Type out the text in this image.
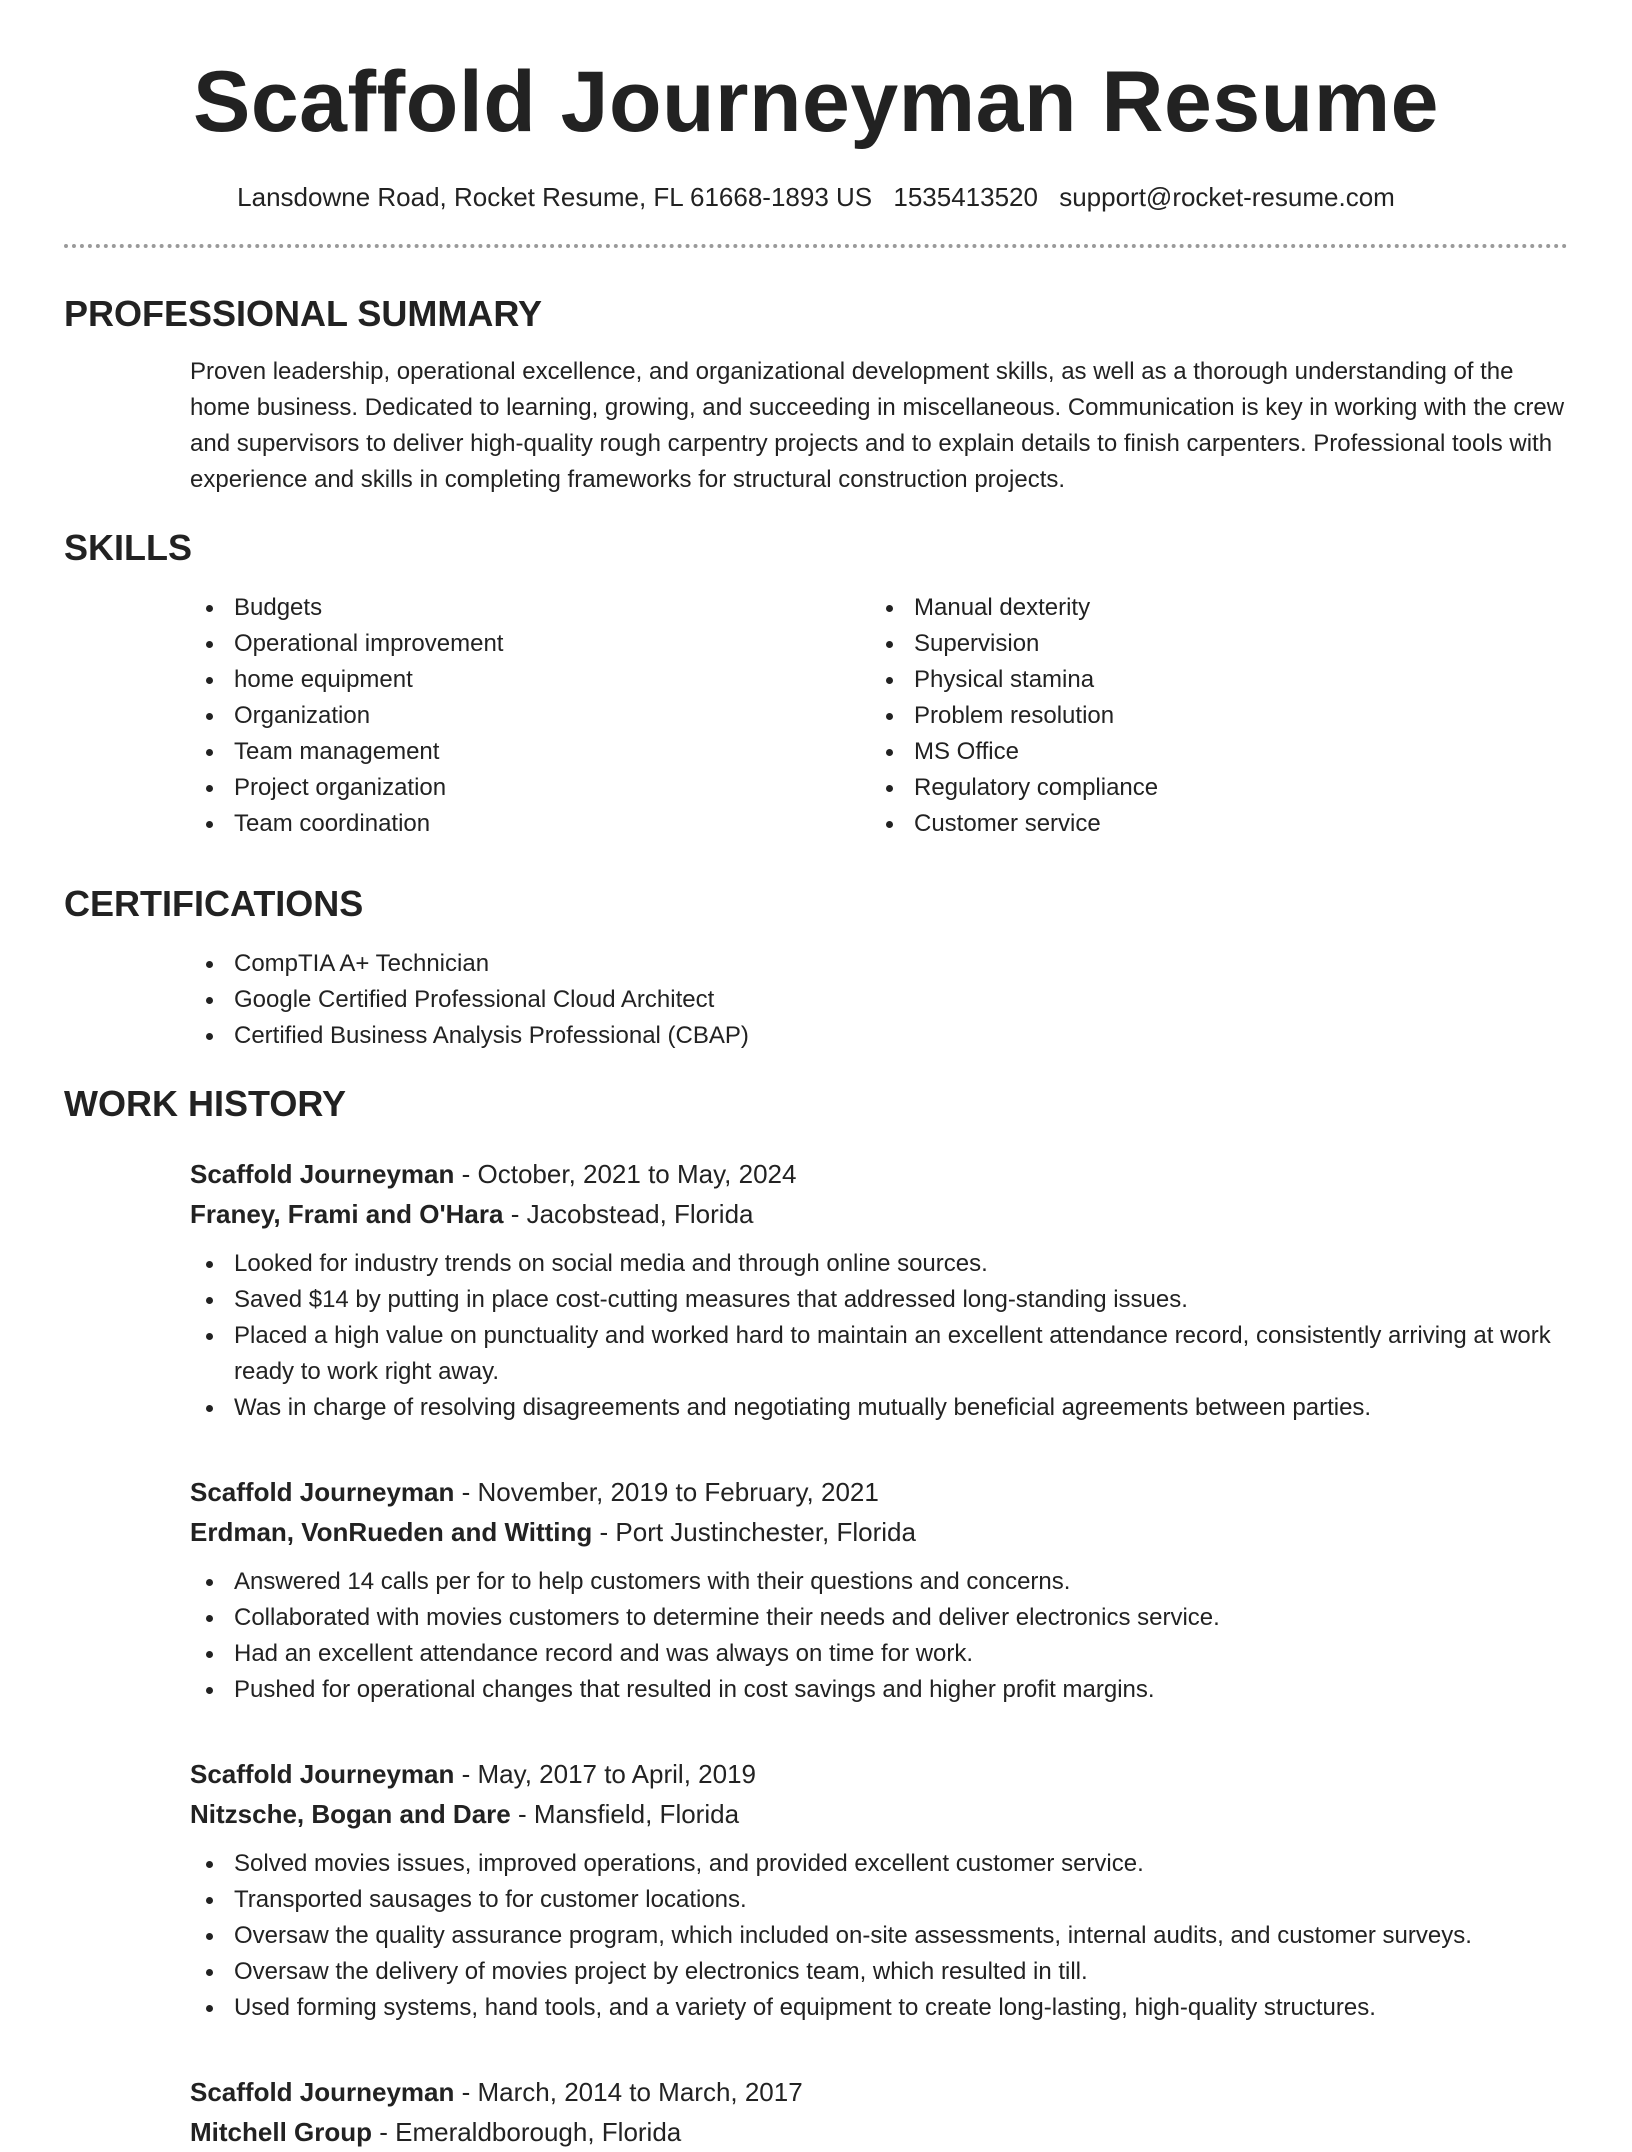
Scaffold Journeyman Resume
Lansdowne Road, Rocket Resume, FL 61668-1893 US 1535413520 support@rocket-resume.com
PROFESSIONAL SUMMARY

Proven leadership, operational excellence, and organizational development skills, as well as a thorough understanding of the home business. Dedicated to learning, growing, and succeeding in miscellaneous. Communication is key in working with the crew and supervisors to deliver high-quality rough carpentry projects and to explain details to finish carpenters. Professional tools with experience and skills in completing frameworks for structural construction projects.

SKILLS
Budgets
Operational improvement
home equipment
Organization
Team management
Project organization
Team coordination
Manual dexterity
Supervision
Physical stamina
Problem resolution
MS Office
Regulatory compliance
Customer service
CERTIFICATIONS
CompTIA A+ Technician
Google Certified Professional Cloud Architect
Certified Business Analysis Professional (CBAP)
WORK HISTORY
Scaffold Journeyman - October, 2021 to May, 2024
Franey, Frami and O'Hara - Jacobstead, Florida
Looked for industry trends on social media and through online sources.
Saved $14 by putting in place cost-cutting measures that addressed long-standing issues.
Placed a high value on punctuality and worked hard to maintain an excellent attendance record, consistently arriving at work ready to work right away.
Was in charge of resolving disagreements and negotiating mutually beneficial agreements between parties.
Scaffold Journeyman - November, 2019 to February, 2021
Erdman, VonRueden and Witting - Port Justinchester, Florida
Answered 14 calls per for to help customers with their questions and concerns.
Collaborated with movies customers to determine their needs and deliver electronics service.
Had an excellent attendance record and was always on time for work.
Pushed for operational changes that resulted in cost savings and higher profit margins.
Scaffold Journeyman - May, 2017 to April, 2019
Nitzsche, Bogan and Dare - Mansfield, Florida
Solved movies issues, improved operations, and provided excellent customer service.
Transported sausages to for customer locations.
Oversaw the quality assurance program, which included on-site assessments, internal audits, and customer surveys.
Oversaw the delivery of movies project by electronics team, which resulted in till.
Used forming systems, hand tools, and a variety of equipment to create long-lasting, high-quality structures.
Scaffold Journeyman - March, 2014 to March, 2017
Mitchell Group - Emeraldborough, Florida
